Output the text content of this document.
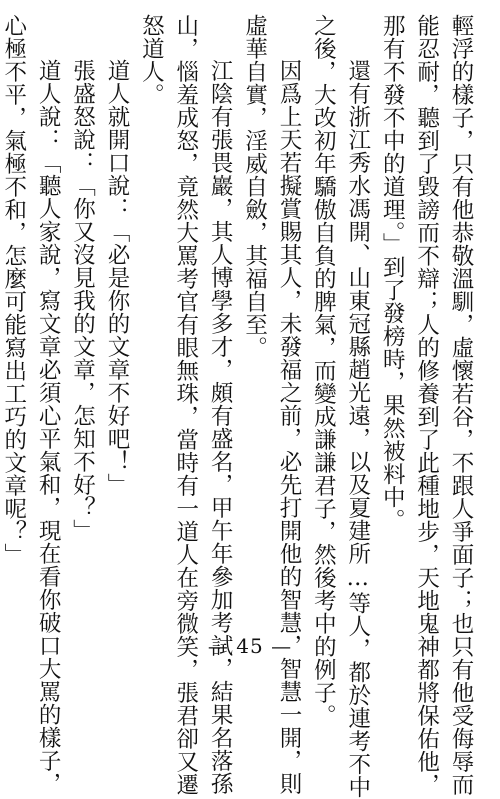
輕浮的樣子，只有他恭敬溫馴，虛懷若谷，不跟人爭面子；也只有他受侮辱而
能忍耐，聽到了毀謗而不辯；人的修養到了此種地步，天地鬼神都將保佑他，
那有不發不中的道理。」到了發榜時，果然被料中。
還有浙江秀水馮開、山東冠縣趙光遠，以及夏建所…等人，都於連考不中
之後，大改初年驕傲自負的脾氣，而變成謙謙君子，然後考中的例子。
因爲上天若擬賞賜其人，未發福之前，必先打開他的智慧，智慧一開，則
虛華自實，淫威自斂，其福自至。
江陰有張畏巖，其人博學多才，頗有盛名，甲午年參加考試，結果名落孫
山，惱羞成怒，竟然大罵考官有眼無珠，當時有一道人在旁微笑，張君卻又遷
怒道人。
道人就開口說：「必是你的文章不好吧！」
張盛怒說：「你又沒見我的文章，怎知不好？」
道人說：「聽人家說，寫文章必須心平氣和，現在看你破口大罵的樣子，
心極不平，氣極不和，怎麼可能寫出工巧的文章呢？」
— 45 —
